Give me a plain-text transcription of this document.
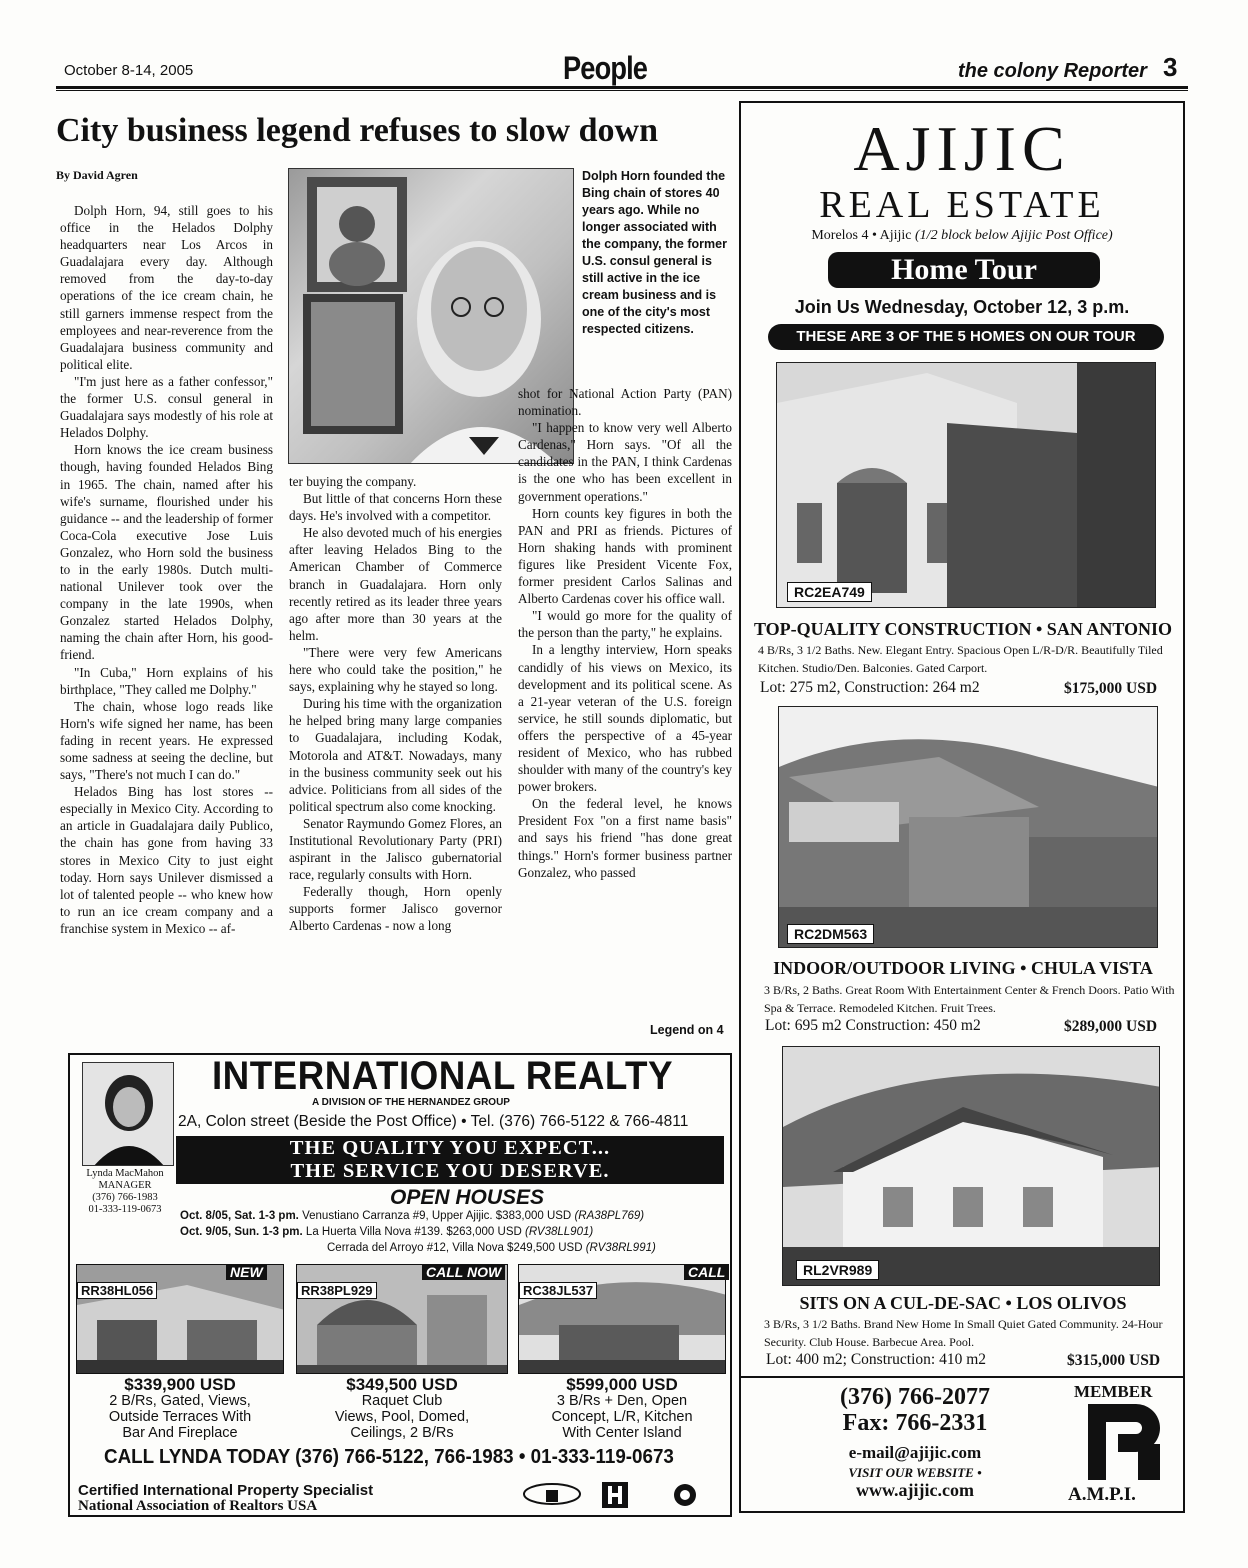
October 8-14, 2005	People	the colony Reporter 3
City business legend refuses to slow down
By David Agren	Dolph Horn founded the Bing chain of stores 40 years ago. While no longer associated with the company, the former U.S. consul general is still active in the ice cream business and is one of the city's most respected citizens.

Dolph Horn, 94, still goes to his office in the Helados Dolphy headquarters near Los Arcos in Guadalajara every day. Although removed from the day-to-day operations of the ice cream chain, he still garners immense respect from the employees and near-reverence from the Guadalajara business community and political elite.

"I'm just here as a father confessor," the former U.S. consul general in Guadalajara says modestly of his role at Helados Dolphy.

Horn knows the ice cream business though, having founded Helados Bing in 1965. The chain, named after his wife's surname, flourished under his guidance -- and the leadership of former Coca-Cola executive Jose Luis Gonzalez, who Horn sold the business to in the early 1980s. Dutch multi-national Unilever took over the company in the late 1990s, when Gonzalez started Helados Dolphy, naming the chain after Horn, his good-friend.

"In Cuba," Horn explains of his birthplace, "They called me Dolphy."

The chain, whose logo reads like Horn's wife signed her name, has been fading in recent years. He expressed some sadness at seeing the decline, but says, "There's not much I can do."

Helados Bing has lost stores -- especially in Mexico City. According to an article in Guadalajara daily Publico, the chain has gone from having 33 stores in Mexico City to just eight today. Horn says Unilever dismissed a lot of talented people -- who knew how to run an ice cream company and a franchise system in Mexico -- af-

ter buying the company.

But little of that concerns Horn these days. He's involved with a competitor.

He also devoted much of his energies after leaving Helados Bing to the American Chamber of Commerce branch in Guadalajara. Horn only recently retired as its leader three years ago after more than 30 years at the helm.

"There were very few Americans here who could take the position," he says, explaining why he stayed so long.

During his time with the organization he helped bring many large companies to Guadalajara, including Kodak, Motorola and AT&T. Nowadays, many in the business community seek out his advice. Politicians from all sides of the political spectrum also come knocking.

Senator Raymundo Gomez Flores, an Institutional Revolutionary Party (PRI) aspirant in the Jalisco gubernatorial race, regularly consults with Horn.

Federally though, Horn openly supports former Jalisco governor Alberto Cardenas - now a long

shot for National Action Party (PAN) nomination.

"I happen to know very well Alberto Cardenas," Horn says. "Of all the candidates in the PAN, I think Cardenas is the one who has been excellent in government operations."

Horn counts key figures in both the PAN and PRI as friends. Pictures of Horn shaking hands with prominent figures like President Vicente Fox, former president Carlos Salinas and Alberto Cardenas cover his office wall.

"I would go more for the quality of the person than the party," he explains.

In a lengthy interview, Horn speaks candidly of his views on Mexico, its development and its political scene. As a 21-year veteran of the U.S. foreign service, he still sounds diplomatic, but offers the perspective of a 45-year resident of Mexico, who has rubbed shoulder with many of the country's key power brokers.

On the federal level, he knows President Fox "on a first name basis" and says his friend "has done great things." Horn's former business partner Gonzalez, who passed

Legend on 4
AJIJIC
REAL ESTATE
Morelos 4 • Ajijic (1/2 block below Ajijic Post Office)
Home Tour
Join Us Wednesday, October 12, 3 p.m.
THESE ARE 3 OF THE 5 HOMES ON OUR TOUR
RC2EA749
TOP-QUALITY CONSTRUCTION • SAN ANTONIO
4 B/Rs, 3 1/2 Baths. New. Elegant Entry. Spacious Open L/R-D/R. Beautifully Tiled Kitchen. Studio/Den. Balconies. Gated Carport.
Lot: 275 m2, Construction: 264 m2	$175,000 USD
RC2DM563
INDOOR/OUTDOOR LIVING • CHULA VISTA
3 B/Rs, 2 Baths. Great Room With Entertainment Center & French Doors. Patio With Spa & Terrace. Remodeled Kitchen. Fruit Trees.
Lot: 695 m2 Construction: 450 m2	$289,000 USD
RL2VR989
SITS ON A CUL-DE-SAC • LOS OLIVOS
3 B/Rs, 3 1/2 Baths. Brand New Home In Small Quiet Gated Community. 24-Hour Security. Club House. Barbecue Area. Pool.
Lot: 400 m2; Construction: 410 m2	$315,000 USD
(376) 766-2077
Fax: 766-2331
e-mail@ajijic.com
VISIT OUR WEBSITE •
www.ajijic.com
MEMBER
A.M.P.I.
Lynda MacMahon
MANAGER
(376) 766-1983
01-333-119-0673
INTERNATIONAL REALTY
A DIVISION OF THE HERNANDEZ GROUP
2A, Colon street (Beside the Post Office) • Tel. (376) 766-5122 & 766-4811
THE QUALITY YOU EXPECT...
THE SERVICE YOU DESERVE.
OPEN HOUSES
Oct. 8/05, Sat. 1-3 pm. Venustiano Carranza #9, Upper Ajijic. $383,000 USD (RA38PL769)
Oct. 9/05, Sun. 1-3 pm. La Huerta Villa Nova #139. $263,000 USD (RV38LL901)
Cerrada del Arroyo #12, Villa Nova $249,500 USD (RV38RL991)
RR38HL056
NEW
$339,900 USD
2 B/Rs, Gated, Views,
Outside Terraces With
Bar And Fireplace
RR38PL929
CALL NOW
$349,500 USD
Raquet Club
Views, Pool, Domed,
Ceilings, 2 B/Rs
RC38JL537
CALL
$599,000 USD
3 B/Rs + Den, Open
Concept, L/R, Kitchen
With Center Island
CALL LYNDA TODAY (376) 766-5122, 766-1983 • 01-333-119-0673
Certified International Property Specialist
National Association of Realtors USA
